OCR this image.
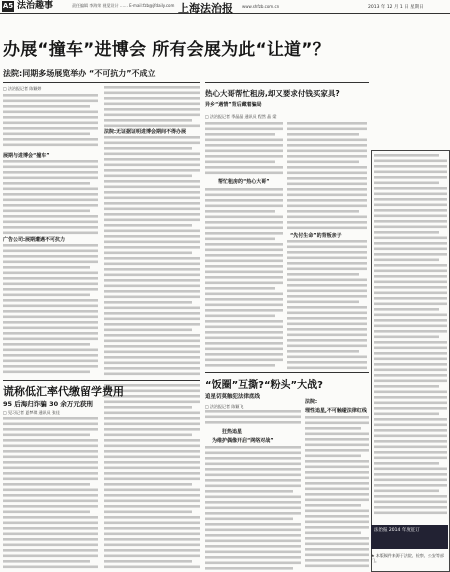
A5 法治趣事	责任编辑 李海荣 视觉设计 …… E-mail:fzb@jfdaily.com 上海法治报 www.shfzb.com.cn	2013 年 12 月 1 日 星期日
办展“撞车”进博会 所有会展为此“让道”？
法院:同期多场展览举办 “不可抗力”不成立
□ 法治报记者 陈颖婷
展期与进博会“撞车”
广告公司:展期遭遇不可抗力
法院:无证据证明进博会期间不得办展
谎称低汇率代缴留学费用
95 后海归诈骗 30 余万元获刑
□ 见习记者 夏梦琪 通讯员 张佳
热心大哥帮忙租房,却又要求付钱买家具?
异乡“遇情”背后藏着骗局
□ 法治报记者 季晶晶 通讯员 程然 晶 梁
帮忙租房的“热心大哥”
“先付生命”的背叛亲子
“饭圈”互撕?“粉头”大战?
追星切莫触犯法律底线
□ 法治报记者 陈颖飞
狂热追星
为维护偶像开启“网络对战”
法院:
理性追星,不可触碰法律红线
法治报 2014 年度征订
★ 本版稿件来源于法院、检察、公安等部门。
